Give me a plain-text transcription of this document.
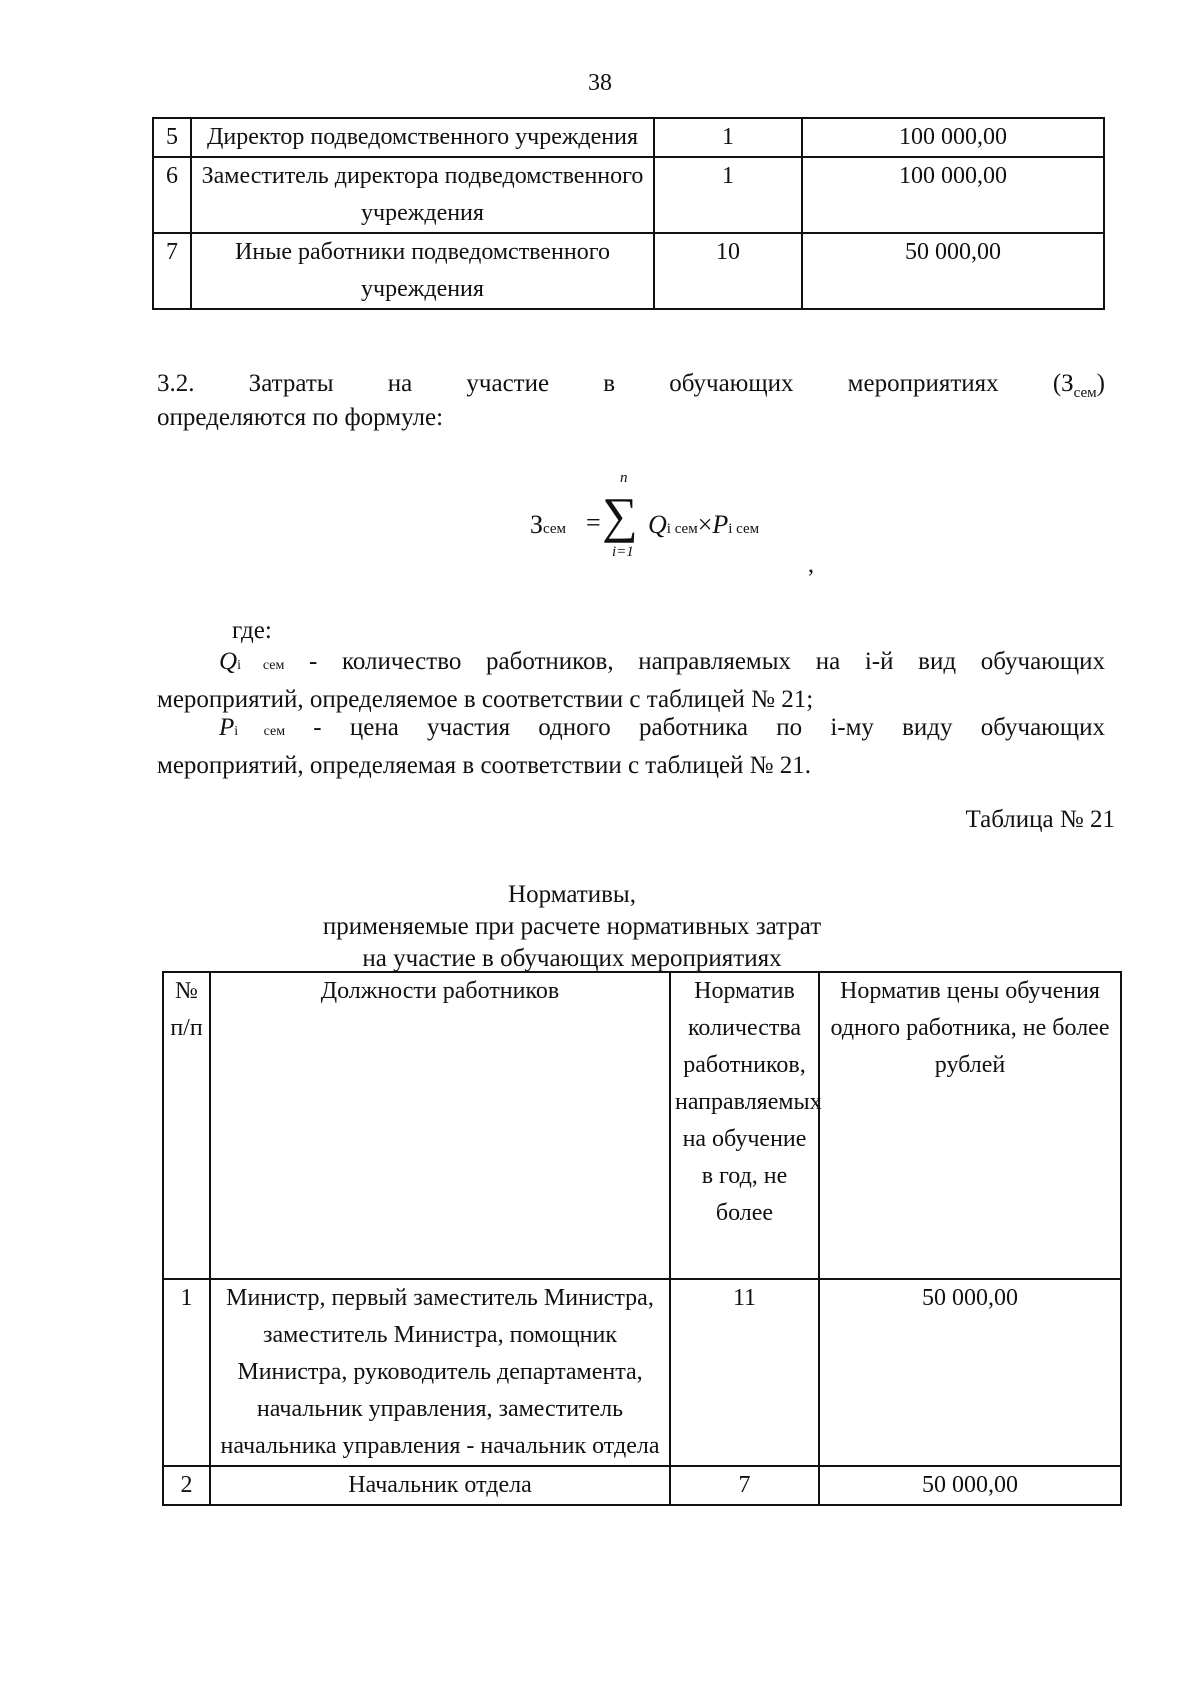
38
5	Директор подведомственного учреждения	1	100 000,00
6	Заместитель директора подведомственного учреждения	1	100 000,00
7	Иные работники подведомственного учреждения	10	50 000,00
3.2. Затраты на участие в обучающих мероприятиях $(З_{сем})$
определяются по формуле:
Зсем =
n
∑
i=1
Qi сем×Pi сем
,
где:
Qi сем - количество работников, направляемых на i-й вид обучающих
мероприятий, определяемое в соответствии с таблицей № 21;
Pi сем - цена участия одного работника по i-му виду обучающих
мероприятий, определяемая в соответствии с таблицей № 21.
Таблица № 21
Нормативы,
применяемые при расчете нормативных затрат
на участие в обучающих мероприятиях
№ п/п	Должности работников	Норматив количества работников, направляемых на обучение в год, не более	Норматив цены обучения одного работника, не более рублей
1	Министр, первый заместитель Министра, заместитель Министра, помощник Министра, руководитель департамента, начальник управления, заместитель начальника управления - начальник отдела	11	50 000,00
2	Начальник отдела	7	50 000,00
